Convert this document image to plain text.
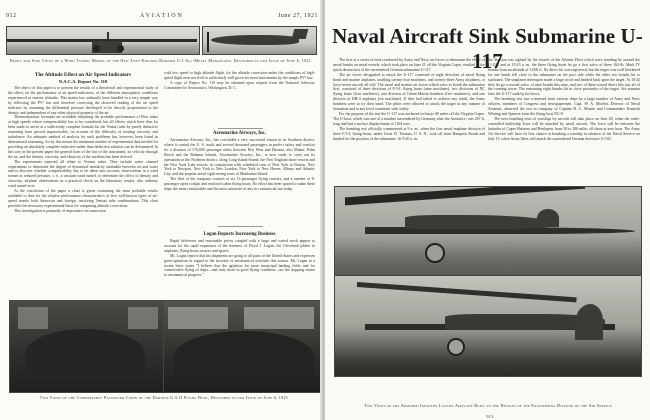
912	AVIATION	June 27, 1921
Front and Side Views of a Wind Tunnel Model of the New Twin-Engined Dornier G.1 All-Metal Monoplane, Described in our Issue of June 6, 1921
The Altitude Effect on Air Speed Indicators
N.A.C.A. Report No. 110

The object of this paper is to present the results of a theoretical and experimental study of the effect, on the performance of air speed indicators, of the different atmospheric conditions experienced at various altitudes. This matter has ordinarily been handled in a very simple way by following the PV² law and therefore correcting the observed reading of the air speed indicator by assuming the differential pressure developed to be directly proportional to the density and independent of any other physical property of the air.

Thermodynamic formulas are available indicating the probable performance of Pitot tubes at high speeds where compressibility has to be considered, but all efforts which have thus far been made to arrive at a sufficiently complete formula for the Venturi tube by purely deductive reasoning have proved impracticable, on account of the difficulty of treating viscosity and turbulence. An adequate method of analysis for such problems has, however, been found in dimensional reasoning, for by this means the minimum number of experimental data needed for providing an absolutely complete inductive rather than deductive solution can be determined. In this way in the present paper the general form of the law of the instrument, its velocity through the air, and the density, viscosity, and elasticity of the medium has been derived.

The experiments reported all relate to Venturi tubes. They include water channel experiments to determine the degree of dynamical similarity attainable between air and water and to discover whether compressibility has to be taken into account; observations in a wind stream at reduced pressure, i. e., a vacuum wind tunnel, to determine the effect of density and viscosity; airplane observations as a practical check on the laboratory results; also ordinary wind tunnel tests.

At the conclusion of the paper a chart is given containing the most probable results available to date for the relative performance characteristics of five well-known types of air-speed nozzle both American and foreign, involving Venturi tube combinations. This chart provides the necessary experimental basis for computing altitude corrections.

This investigation is primarily of importance in connection

with low speed or high altitude flight, for the altitude correction under the conditions of high-speed flight near sea level is sufficiently well given for most instruments by the simple PV² law.

A copy of Report No. 110 may be obtained upon request from the National Advisory Committee for Aeronautics, Washington, D. C.

Aeromarine Airways, Inc.

Aeromarine Airways, Inc., has concluded a very successful season in its Southern district, where it carried the U. S. mails and several thousand passengers in perfect safety and comfort for a distance of 376,000 passenger miles between Key West and Havana, also Miami, Palm Beach and the Bahama Islands. Aeromarine Airways, Inc., is now ready to carry out its operations in the Northern district, along Long Island Sound, the New England shore resorts and the New York Lake resorts, in conjunction with scheduled runs of New York to Boston, New York to Newport, New York to New London, New York to New Haven, Albany and Atlantic City, and the popular aerial sight-seeing tours of Manhattan Island.

The fleet of the company consists of six 11-passenger flying cruisers, and a number of 6-passenger open cockpit and enclosed cabin flying boats. No effort has been spared to make these ships the most comfortable and the most attractive of any in commercial use today.

Logan Reports Increasing Business

Rapid deliveries and reasonable prices coupled with a large and varied stock appear to account for the rapid expansion of the business of Floyd J. Logan, the Cleveland jobber in airplanes, flying boats, motors and spares.

Mr. Logan reports that his shipments are going to all parts of the United States and expresses great optimism in regard to the increase of aeronautical activities this season. Mr. Logan in a recent letter states "I believe that the agitation for more municipal landing fields and for conservative flying of ships—and only those in good flying condition—are the stepping stones to aeronautical progress."

Two Views of the Comfortable Passenger Cabin of the Dornier G.S.II Flying Boat, Described in our Issue of June 6, 1921

The first of a series of tests conducted by Army and Navy air forces to determine the effect of aerial bombs on naval vessels, which took place on June 21 off the Virginia Capes, resulted in the quick destruction of the surrendered German submarine U-117.

The air forces designated to attack the U-117 consisted of eight divisions of naval flying boats and marine airplanes, totalling twenty-four machines, and twenty-three Army airplanes, or forty-seven aircraft all told. The naval and marine air forces which were to bomb the submarine first, consisted of three divisions of F-5-L flying boats (nine machines), two divisions of NC flying boats (four machines), one division of Glenn Martin bombers (five machines), and one division of DH-4 airplanes (six machines). If they had failed to achieve any result, the Army bombers were to try their hand. The pilots were allowed to attack the target in any manner of formation and at any level consistent with safety.

For the purpose of the test the U-117 was anchored in buoys 60 miles off the Virginia Capes. The U-boat, which was one of a number surrendered by Germany after the Armistice, was 267 ft. long and had a surface displacement of 1164 tons.

The bombing test officially commenced at 9 a. m., when the first naval seaplane division of three F-5-L flying boats, under Lieut. D. Thomas, U. S. N., took off from Hampton Roads and headed for the position of the submarine. At 9:20 a. m.

the division was sighted by the vessels of the Atlantic Fleet which were standing by around the U-117, and at 10:23 a. m. the three flying boats let go a first salvo of three 163-lb. Mark IV bombs from an altitude of 1,000 ft. No direct hit was registered, but the target was well bracketed for one bomb fell close to the submarine on the port side while the other two bombs hit to starboard. The seaplanes thereupon made a large circle and headed back upon the target. At 10:32 they let go a second salvo, of nine bombs this time, and two of these scored direct hits just aft of the conning tower. The remaining eight bombs hit in close proximity of the target. Six minutes later the U-117 sank by her bows.

The bombing test was witnessed from various ships by a large number of Army and Navy officers, members of Congress and newspapermen. Capt. W. A. Moffett, Director of Naval Aviation, observed the test in company of Captain H. C. Mustin and Commanders Kenneth Whiting and Spencer from the flying boat NC-8.

The next bombing tests of warships by aircraft will take place on June 28, when the radio-controlled battleship Iowa will be attacked by naval aircraft. The Iowa will be between the latitudes of Capes Hatteras and Henlopen, from 50 to 100 miles off shore at zero hour. The Army Air Service will have its first chance at bombing a warship in advance of the Naval Service on July 13, when Army fliers will attack the surrendered German destroyer G-102.

Two Views of the Armored Infantry Liaison Airplane Built to the Designs of the Engineering Division of the Air Service
913
Naval Aircraft Sink Submarine U-117
